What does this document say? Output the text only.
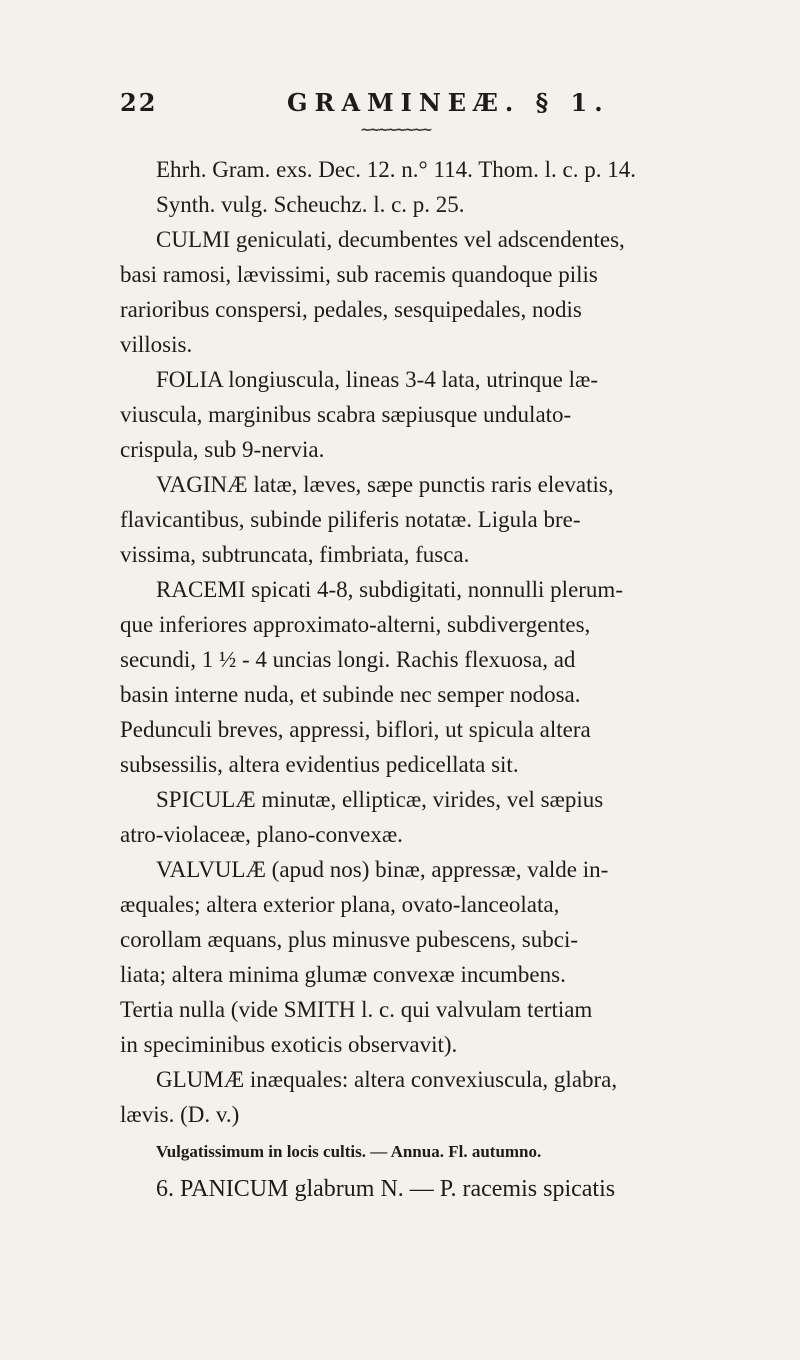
22	GRAMINEÆ. § 1.
~~~~~~~~
Ehrh. Gram. exs. Dec. 12. n.° 114. Thom. l. c. p. 14.
Synth. vulg. Scheuchz. l. c. p. 25.
CULMI geniculati, decumbentes vel adscendentes,
basi ramosi, lævissimi, sub racemis quandoque pilis
rarioribus conspersi, pedales, sesquipedales, nodis
villosis.
FOLIA longiuscula, lineas 3-4 lata, utrinque læ-
viuscula, marginibus scabra sæpiusque undulato-
crispula, sub 9-nervia.
VAGINÆ latæ, læves, sæpe punctis raris elevatis,
flavicantibus, subinde piliferis notatæ. Ligula bre-
vissima, subtruncata, fimbriata, fusca.
RACEMI spicati 4-8, subdigitati, nonnulli plerum-
que inferiores approximato-alterni, subdivergentes,
secundi, 1 ½ - 4 uncias longi. Rachis flexuosa, ad
basin interne nuda, et subinde nec semper nodosa.
Pedunculi breves, appressi, biflori, ut spicula altera
subsessilis, altera evidentius pedicellata sit.
SPICULÆ minutæ, ellipticæ, virides, vel sæpius
atro-violaceæ, plano-convexæ.
VALVULÆ (apud nos) binæ, appressæ, valde in-
æquales; altera exterior plana, ovato-lanceolata,
corollam æquans, plus minusve pubescens, subci-
liata; altera minima glumæ convexæ incumbens.
Tertia nulla (vide SMITH l. c. qui valvulam tertiam
in speciminibus exoticis observavit).
GLUMÆ inæquales: altera convexiuscula, glabra,
lævis. (D. v.)
Vulgatissimum in locis cultis. — Annua. Fl. autumno.
6. PANICUM glabrum N. — P. racemis spicatis
